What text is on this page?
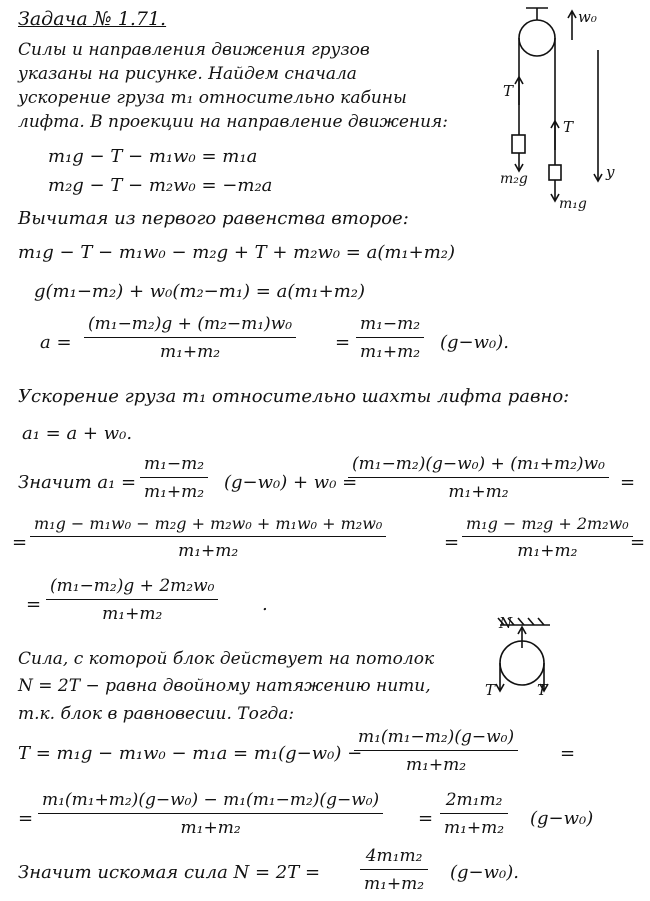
w₀
T
T
m₂g
m₁g
y
Задача № 1.71.
Силы и направления движения грузов
указаны на рисунке. Найдем сначала
ускорение груза m₁ относительно кабины
лифта. В проекции на направление движения:
m₁g − T − m₁w₀ = m₁a
m₂g − T − m₂w₀ = −m₂a
Вычитая из первого равенства второе:
m₁g − T − m₁w₀ − m₂g + T + m₂w₀ = a(m₁+m₂)
g(m₁−m₂) + w₀(m₂−m₁) = a(m₁+m₂)
a =
(m₁−m₂)g + (m₂−m₁)w₀
m₁+m₂	=
m₁−m₂
m₁+m₂ (g−w₀).
Ускорение груза m₁ относительно шахты лифта равно:
a₁ = a + w₀.
Значит a₁ =
m₁−m₂
m₁+m₂ (g−w₀) + w₀ =
(m₁−m₂)(g−w₀) + (m₁+m₂)w₀
m₁+m₂	=
=
m₁g − m₁w₀ − m₂g + m₂w₀ + m₁w₀ + m₂w₀
m₁+m₂	=
m₁g − m₂g + 2m₂w₀
m₁+m₂	=
=
(m₁−m₂)g + 2m₂w₀
m₁+m₂	.
N
T	T
Сила, с которой блок действует на потолок
N = 2T − равна двойному натяжению нити,
т.к. блок в равновесии. Тогда:
T = m₁g − m₁w₀ − m₁a = m₁(g−w₀) −
m₁(m₁−m₂)(g−w₀)
m₁+m₂
=
=
m₁(m₁+m₂)(g−w₀) − m₁(m₁−m₂)(g−w₀)
m₁+m₂	=
2m₁m₂
m₁+m₂ (g−w₀)
Значит искомая сила N = 2T =
4m₁m₂
m₁+m₂
(g−w₀).
